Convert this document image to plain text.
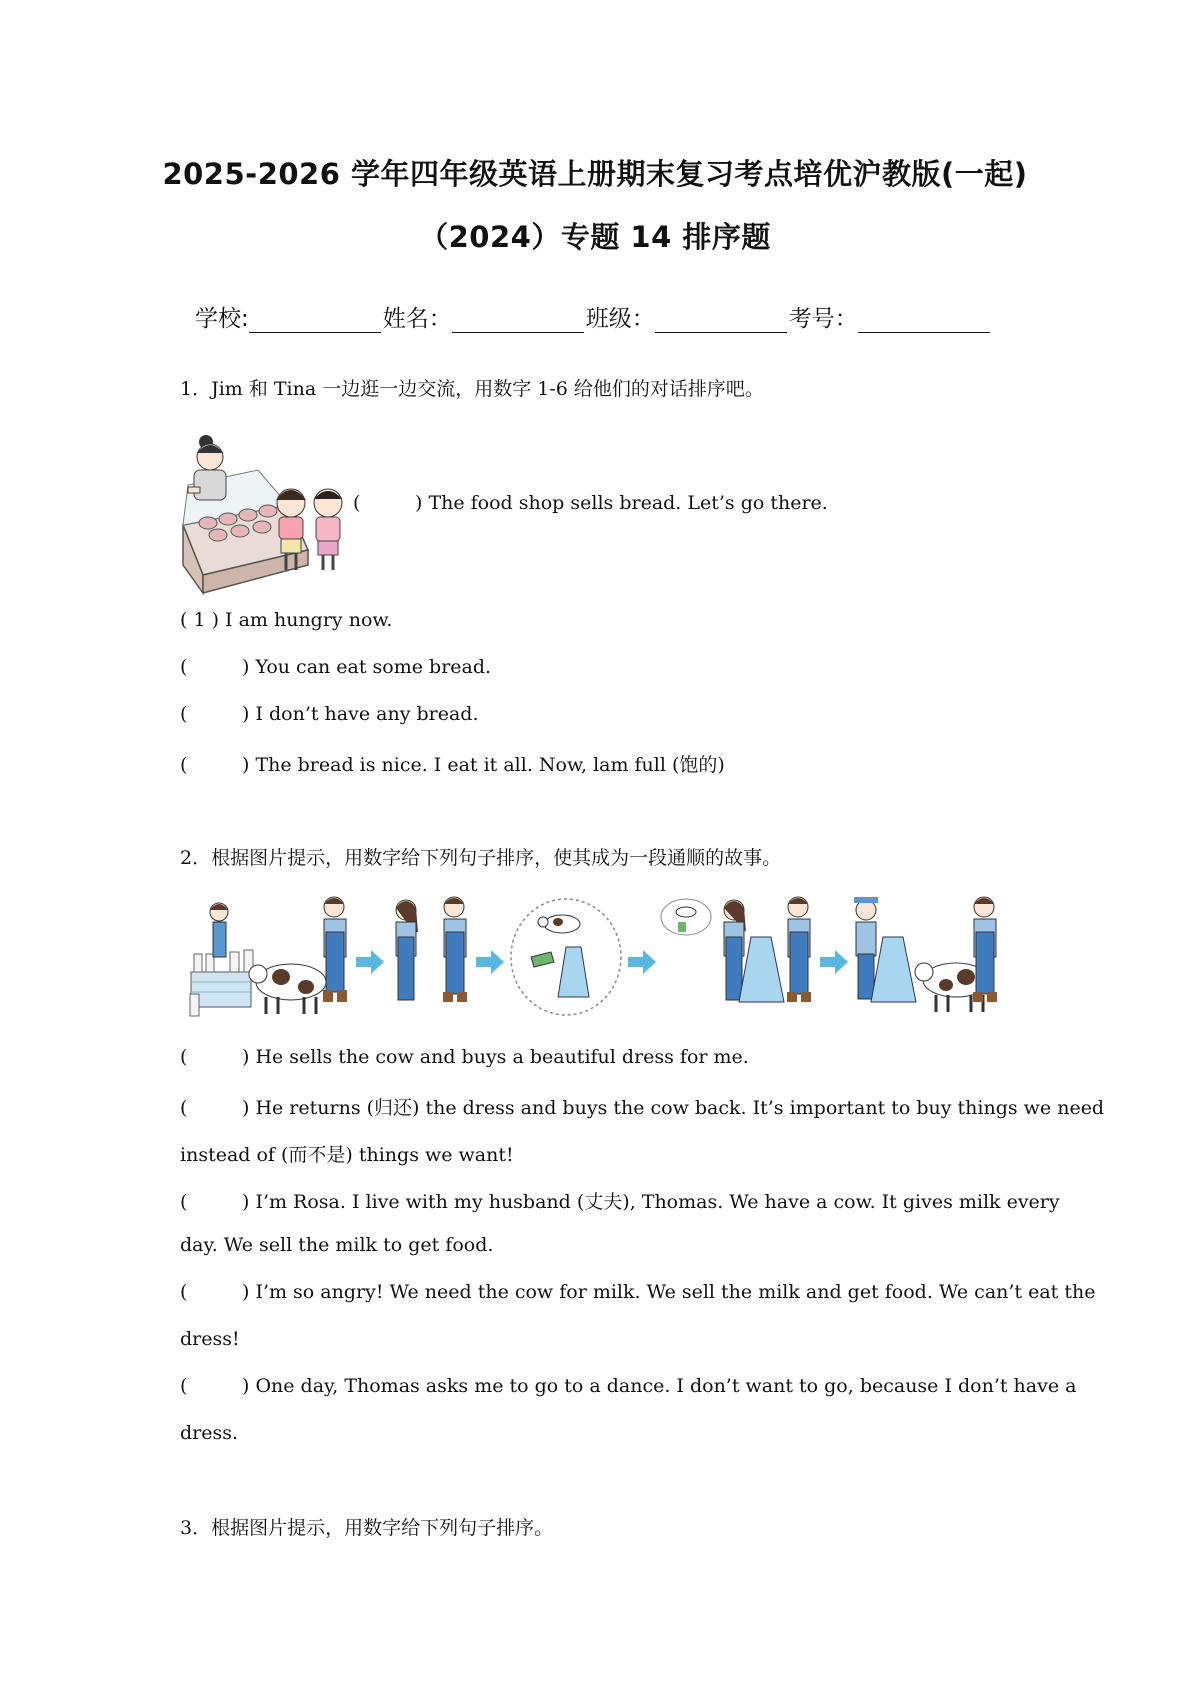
2025-2026 学年四年级英语上册期末复习考点培优沪教版(一起)
（2024）专题 14 排序题
学校:	姓名：	班级：	考号：
1．Jim 和 Tina 一边逛一边交流，用数字 1-6 给他们的对话排序吧。
(	) The food shop sells bread. Let’s go there.
( 1 ) I am hungry now.
(	) You can eat some bread.
(	) I don’t have any bread.
(	) The bread is nice. I eat it all. Now, lam full (饱的)
2．根据图片提示，用数字给下列句子排序，使其成为一段通顺的故事。
(	) He sells the cow and buys a beautiful dress for me.
(	) He returns (归还) the dress and buys the cow back. It’s important to buy things we need
instead of (而不是) things we want!
(	) I’m Rosa. I live with my husband (丈夫), Thomas. We have a cow. It gives milk every
day. We sell the milk to get food.
(	) I’m so angry! We need the cow for milk. We sell the milk and get food. We can’t eat the
dress!
(	) One day, Thomas asks me to go to a dance. I don’t want to go, because I don’t have a
dress.
3．根据图片提示，用数字给下列句子排序。
